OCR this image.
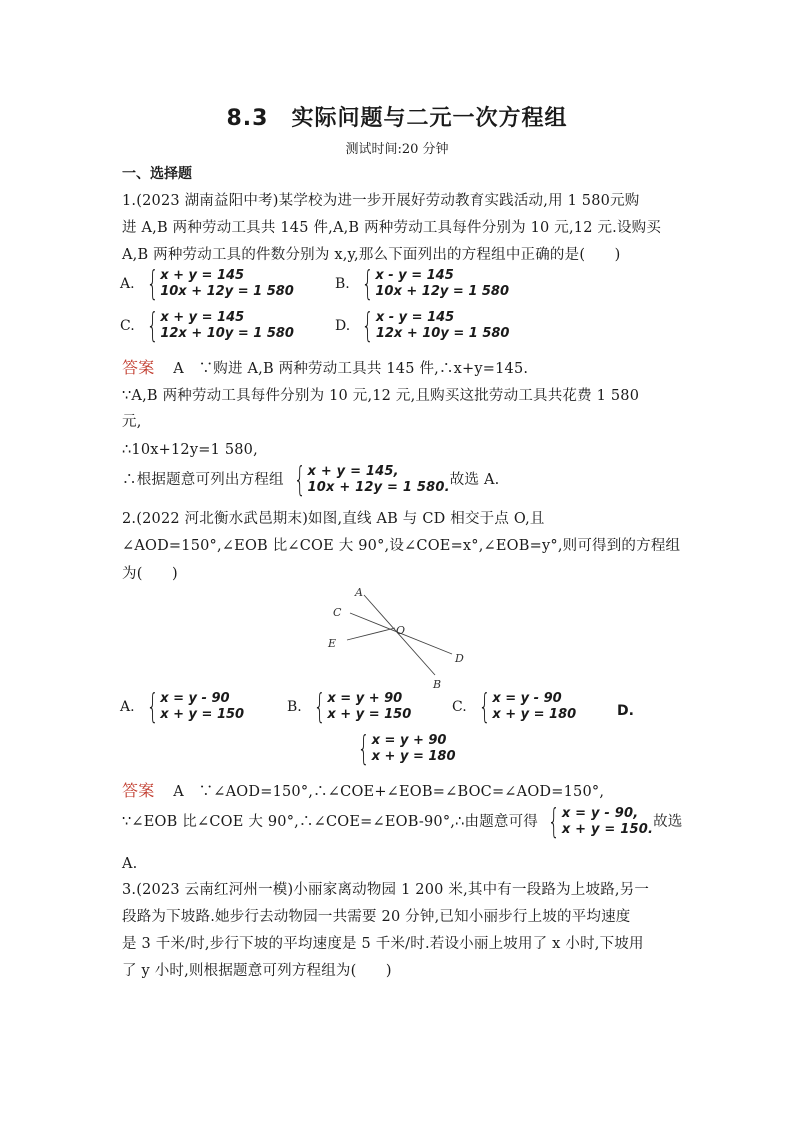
8.3　实际问题与二元一次方程组
测试时间:20 分钟
一、选择题
1.(2023 湖南益阳中考)某学校为进一步开展好劳动教育实践活动,用 1 580元购
进 A,B 两种劳动工具共 145 件,A,B 两种劳动工具每件分别为 10 元,12 元.设购买
A,B 两种劳动工具的件数分别为 x,y,那么下面列出的方程组中正确的是(　　)
A. { x + y = 145
10x + 12y = 1 580	B. { x - y = 145
10x + 12y = 1 580
C. { x + y = 145
12x + 10y = 1 580	D. { x - y = 145
12x + 10y = 1 580
答案 A　∵购进 A,B 两种劳动工具共 145 件,∴x+y=145.
∵A,B 两种劳动工具每件分别为 10 元,12 元,且购买这批劳动工具共花费 1 580
元,
∴10x+12y=1 580,
∴根据题意可列出方程组 { x + y = 145,
10x + 12y = 1 580. 故选 A.
2.(2022 河北衡水武邑期末)如图,直线 AB 与 CD 相交于点 O,且
∠AOD=150°,∠EOB 比∠COE 大 90°,设∠COE=x°,∠EOB=y°,则可得到的方程组
为(　　)
A
C
E
O
D
B
A. { x = y - 90
x + y = 150	B. { x = y + 90
x + y = 150	C. { x = y - 90
x + y = 180	D.
{ x = y + 90
x + y = 180
答案 A　∵∠AOD=150°,∴∠COE+∠EOB=∠BOC=∠AOD=150°,
∵∠EOB 比∠COE 大 90°,∴∠COE=∠EOB-90°,∴由题意可得 { x = y - 90,
x + y = 150. 故选
A.
3.(2023 云南红河州一模)小丽家离动物园 1 200 米,其中有一段路为上坡路,另一
段路为下坡路.她步行去动物园一共需要 20 分钟,已知小丽步行上坡的平均速度
是 3 千米/时,步行下坡的平均速度是 5 千米/时.若设小丽上坡用了 x 小时,下坡用
了 y 小时,则根据题意可列方程组为(　　)
